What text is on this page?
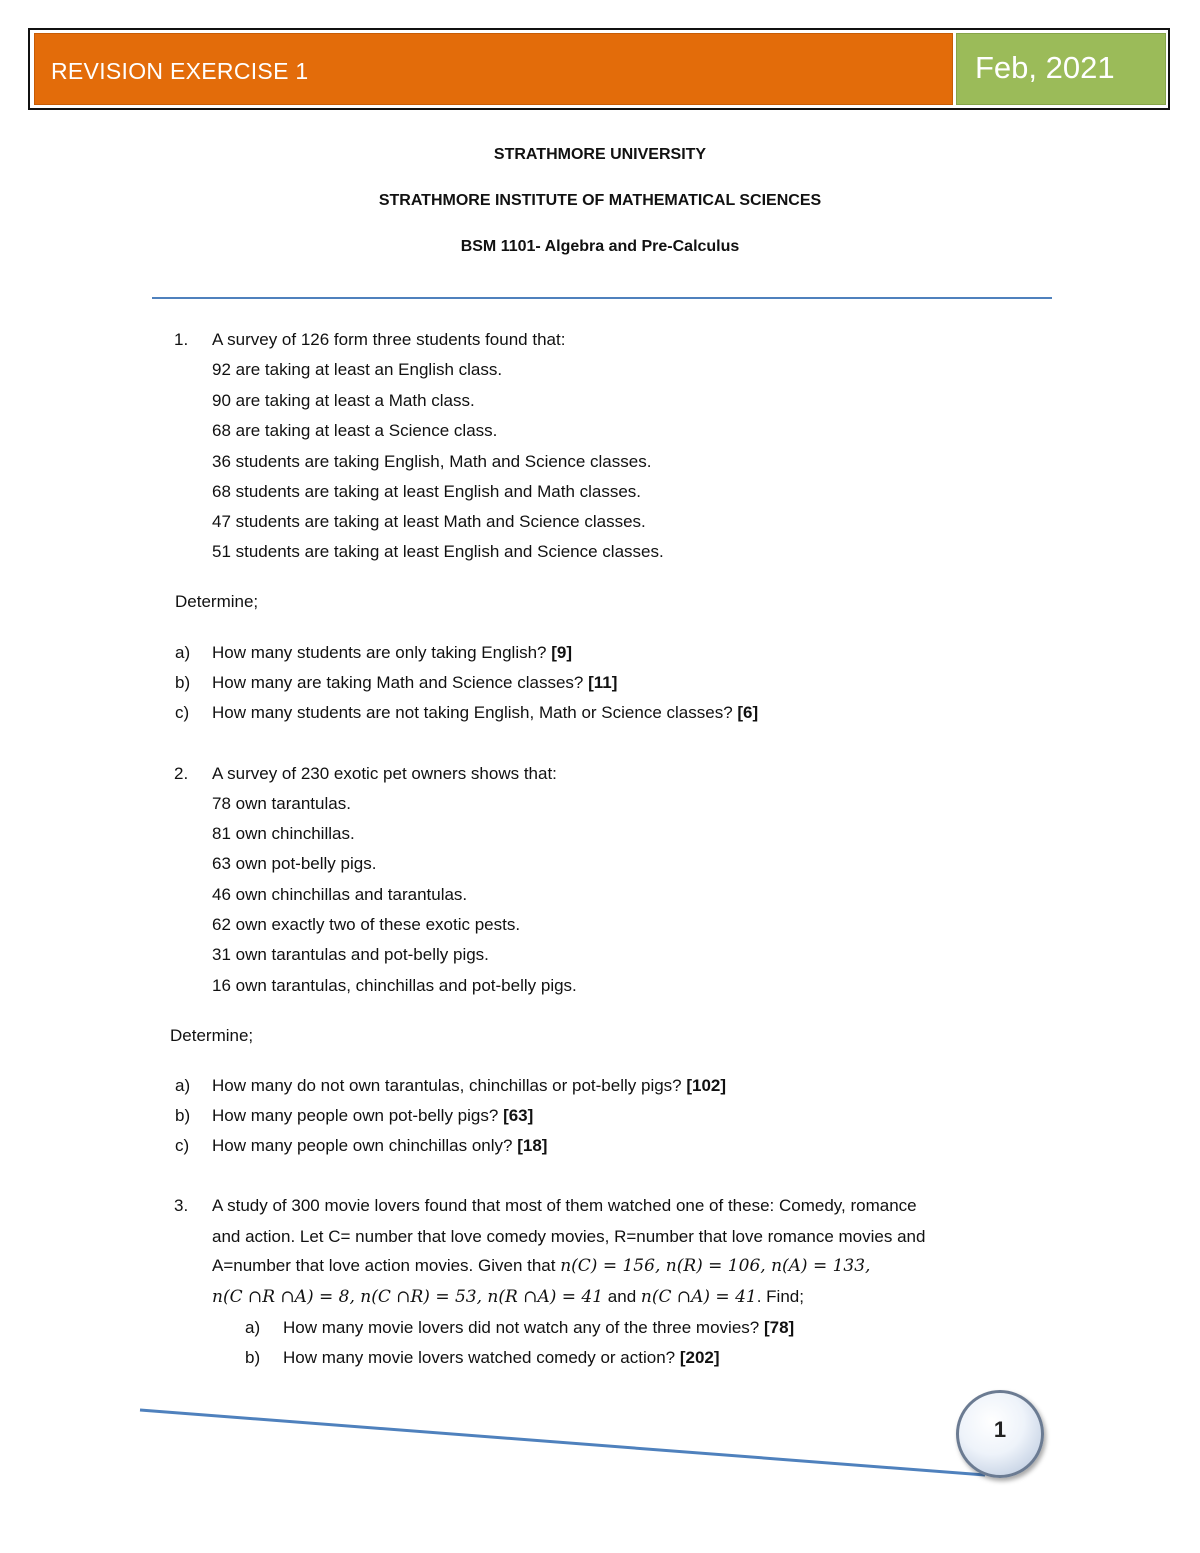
REVISION EXERCISE 1	Feb, 2021
STRATHMORE UNIVERSITY
STRATHMORE INSTITUTE OF MATHEMATICAL SCIENCES
BSM 1101- Algebra and Pre-Calculus
1. A survey of 126 form three students found that:
92 are taking at least an English class.
90 are taking at least a Math class.
68 are taking at least a Science class.
36 students are taking English, Math and Science classes.
68 students are taking at least English and Math classes.
47 students are taking at least Math and Science classes.
51 students are taking at least English and Science classes.
Determine;
a) How many students are only taking English? [9]
b) How many are taking Math and Science classes? [11]
c) How many students are not taking English, Math or Science classes? [6]
2. A survey of 230 exotic pet owners shows that:
78 own tarantulas.
81 own chinchillas.
63 own pot-belly pigs.
46 own chinchillas and tarantulas.
62 own exactly two of these exotic pests.
31 own tarantulas and pot-belly pigs.
16 own tarantulas, chinchillas and pot-belly pigs.
Determine;
a) How many do not own tarantulas, chinchillas or pot-belly pigs? [102]
b) How many people own pot-belly pigs? [63]
c) How many people own chinchillas only? [18]
3. A study of 300 movie lovers found that most of them watched one of these: Comedy, romance
and action. Let C= number that love comedy movies, R=number that love romance movies and
A=number that love action movies. Given that n(C) = 156, n(R) = 106, n(A) = 133,
n(C ∩R ∩A) = 8, n(C ∩R) = 53, n(R ∩A) = 41 and n(C ∩A) = 41. Find;
a) How many movie lovers did not watch any of the three movies? [78]
b) How many movie lovers watched comedy or action? [202]
1
